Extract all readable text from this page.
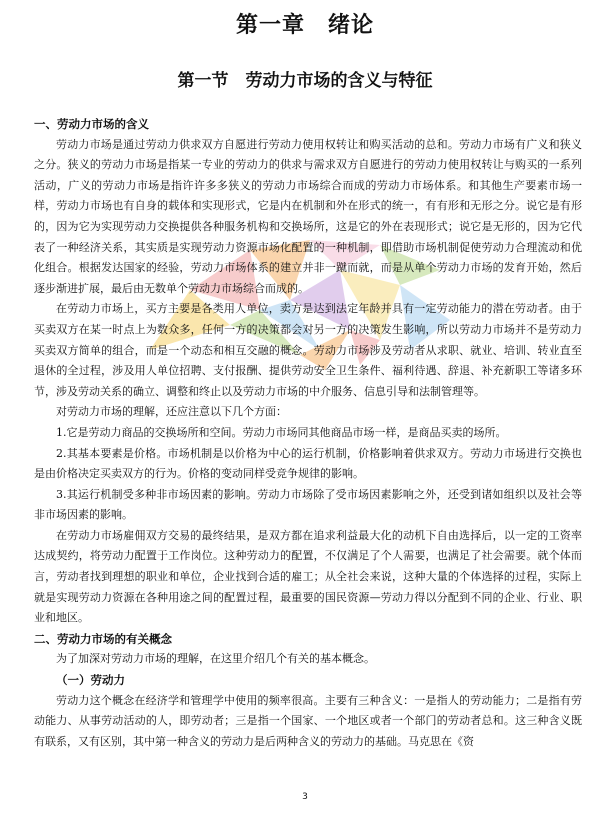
第一章　绪论
第一节　劳动力市场的含义与特征

一、劳动力市场的含义

劳动力市场是通过劳动力供求双方自愿进行劳动力使用权转让和购买活动的总和。劳动力市场有广义和狭义之分。狭义的劳动力市场是指某一专业的劳动力的供求与需求双方自愿进行的劳动力使用权转让与购买的一系列活动，广义的劳动力市场是指许许多多狭义的劳动力市场综合而成的劳动力市场体系。和其他生产要素市场一样，劳动力市场也有自身的载体和实现形式，它是内在机制和外在形式的统一，有有形和无形之分。说它是有形的，因为它为实现劳动力交换提供各种服务机构和交换场所，这是它的外在表现形式；说它是无形的，因为它代表了一种经济关系，其实质是实现劳动力资源市场化配置的一种机制，即借助市场机制促使劳动力合理流动和优化组合。根据发达国家的经验，劳动力市场体系的建立并非一蹴而就，而是从单个劳动力市场的发育开始，然后逐步渐进扩展，最后由无数单个劳动力市场综合而成的。

在劳动力市场上，买方主要是各类用人单位，卖方是达到法定年龄并具有一定劳动能力的潜在劳动者。由于买卖双方在某一时点上为数众多，任何一方的决策都会对另一方的决策发生影响，所以劳动力市场并不是劳动力买卖双方简单的组合，而是一个动态和相互交融的概念。劳动力市场涉及劳动者从求职、就业、培训、转业直至退休的全过程，涉及用人单位招聘、支付报酬、提供劳动安全卫生条件、福利待遇、辞退、补充新职工等诸多环节，涉及劳动关系的确立、调整和终止以及劳动力市场的中介服务、信息引导和法制管理等。

对劳动力市场的理解，还应注意以下几个方面：

1.它是劳动力商品的交换场所和空间。劳动力市场同其他商品市场一样，是商品买卖的场所。

2.其基本要素是价格。市场机制是以价格为中心的运行机制，价格影响着供求双方。劳动力市场进行交换也是由价格决定买卖双方的行为。价格的变动同样受竞争规律的影响。

3.其运行机制受多种非市场因素的影响。劳动力市场除了受市场因素影响之外，还受到诸如组织以及社会等非市场因素的影响。

在劳动力市场雇佣双方交易的最终结果，是双方都在追求利益最大化的动机下自由选择后，以一定的工资率达成契约，将劳动力配置于工作岗位。这种劳动力的配置，不仅满足了个人需要，也满足了社会需要。就个体而言，劳动者找到理想的职业和单位，企业找到合适的雇工；从全社会来说，这种大量的个体选择的过程，实际上就是实现劳动力资源在各种用途之间的配置过程，最重要的国民资源—劳动力得以分配到不同的企业、行业、职业和地区。

二、劳动力市场的有关概念

为了加深对劳动力市场的理解，在这里介绍几个有关的基本概念。

（一）劳动力

劳动力这个概念在经济学和管理学中使用的频率很高。主要有三种含义：一是指人的劳动能力；二是指有劳动能力、从事劳动活动的人，即劳动者；三是指一个国家、一个地区或者一个部门的劳动者总和。这三种含义既有联系，又有区别，其中第一种含义的劳动力是后两种含义的劳动力的基础。马克思在《资

3
